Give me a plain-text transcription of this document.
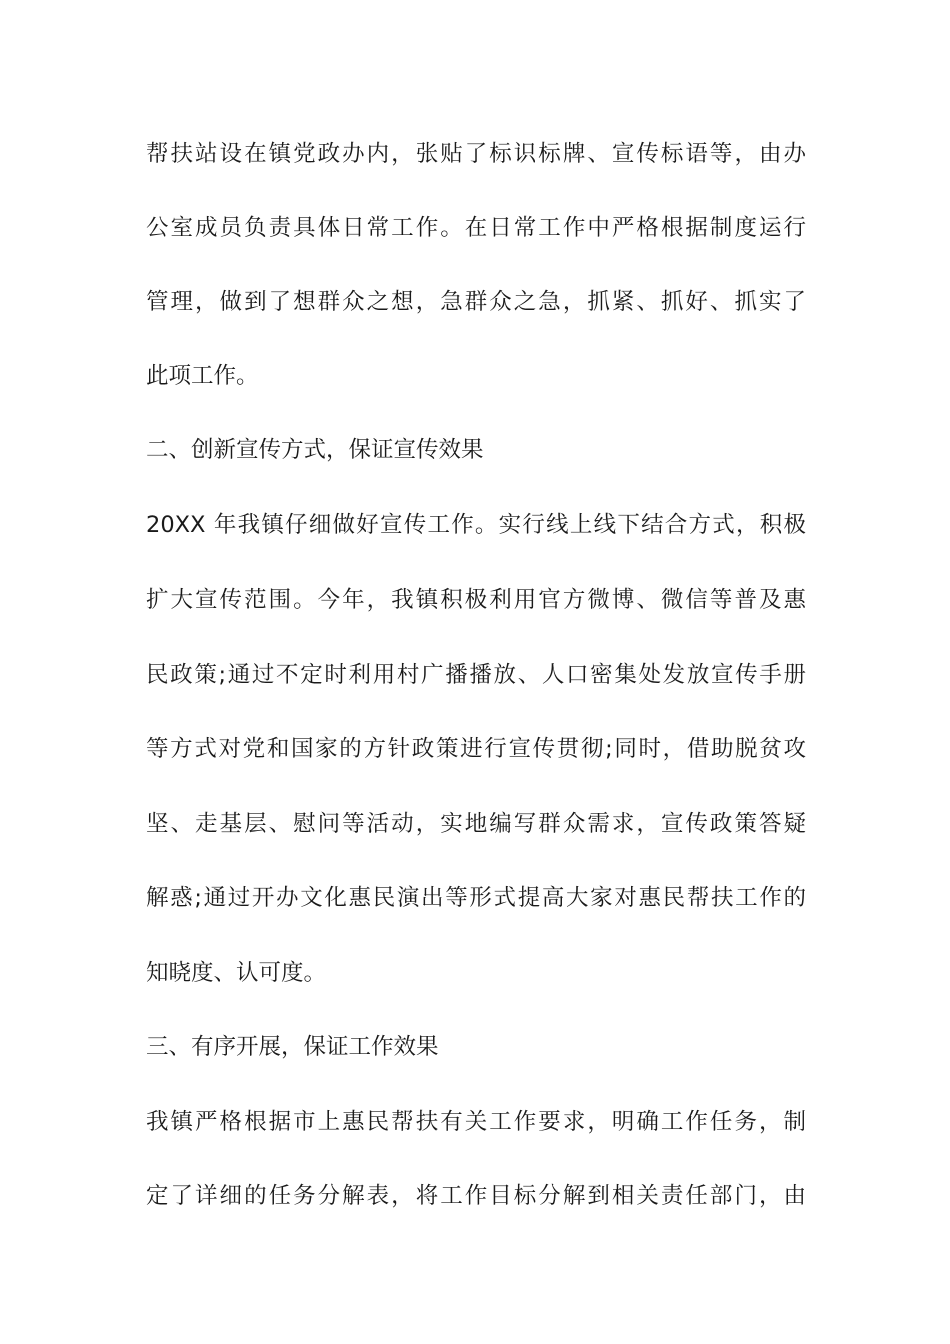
帮扶站设在镇党政办内，张贴了标识标牌、宣传标语等，由办
公室成员负责具体日常工作。在日常工作中严格根据制度运行
管理，做到了想群众之想，急群众之急，抓紧、抓好、抓实了
此项工作。
二、创新宣传方式，保证宣传效果
20XX 年我镇仔细做好宣传工作。实行线上线下结合方式，积极
扩大宣传范围。今年，我镇积极利用官方微博、微信等普及惠
民政策;通过不定时利用村广播播放、人口密集处发放宣传手册
等方式对党和国家的方针政策进行宣传贯彻;同时，借助脱贫攻
坚、走基层、慰问等活动，实地编写群众需求，宣传政策答疑
解惑;通过开办文化惠民演出等形式提高大家对惠民帮扶工作的
知晓度、认可度。
三、有序开展，保证工作效果
我镇严格根据市上惠民帮扶有关工作要求，明确工作任务，制
定了详细的任务分解表，将工作目标分解到相关责任部门，由
